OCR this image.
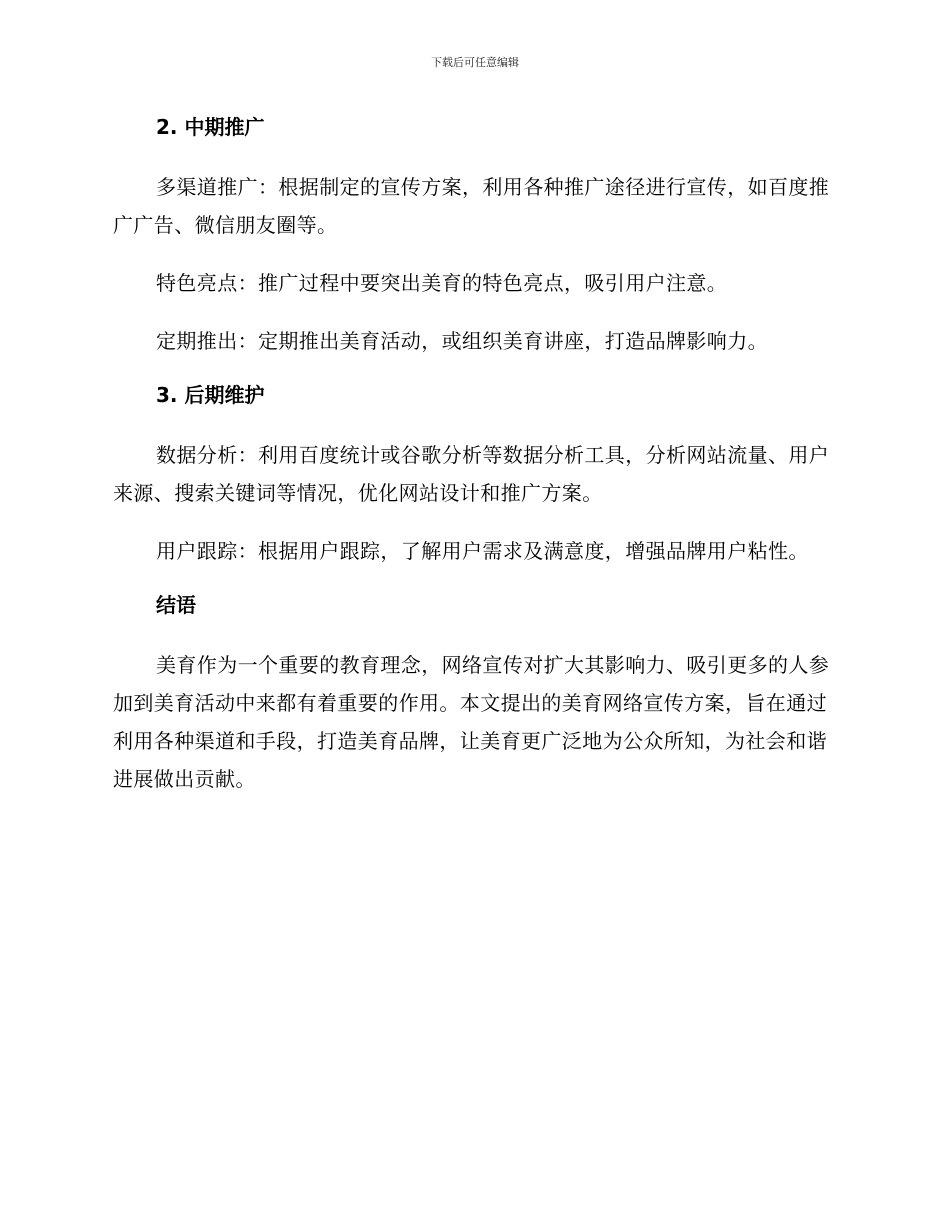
下载后可任意编辑
2. 中期推广

多渠道推广：根据制定的宣传方案，利用各种推广途径进行宣传，如百度推广广告、微信朋友圈等。

特色亮点：推广过程中要突出美育的特色亮点，吸引用户注意。

定期推出：定期推出美育活动，或组织美育讲座，打造品牌影响力。

3. 后期维护

数据分析：利用百度统计或谷歌分析等数据分析工具，分析网站流量、用户来源、搜索关键词等情况，优化网站设计和推广方案。

用户跟踪：根据用户跟踪，了解用户需求及满意度，增强品牌用户粘性。

结语

美育作为一个重要的教育理念，网络宣传对扩大其影响力、吸引更多的人参加到美育活动中来都有着重要的作用。本文提出的美育网络宣传方案，旨在通过利用各种渠道和手段，打造美育品牌，让美育更广泛地为公众所知，为社会和谐进展做出贡献。
